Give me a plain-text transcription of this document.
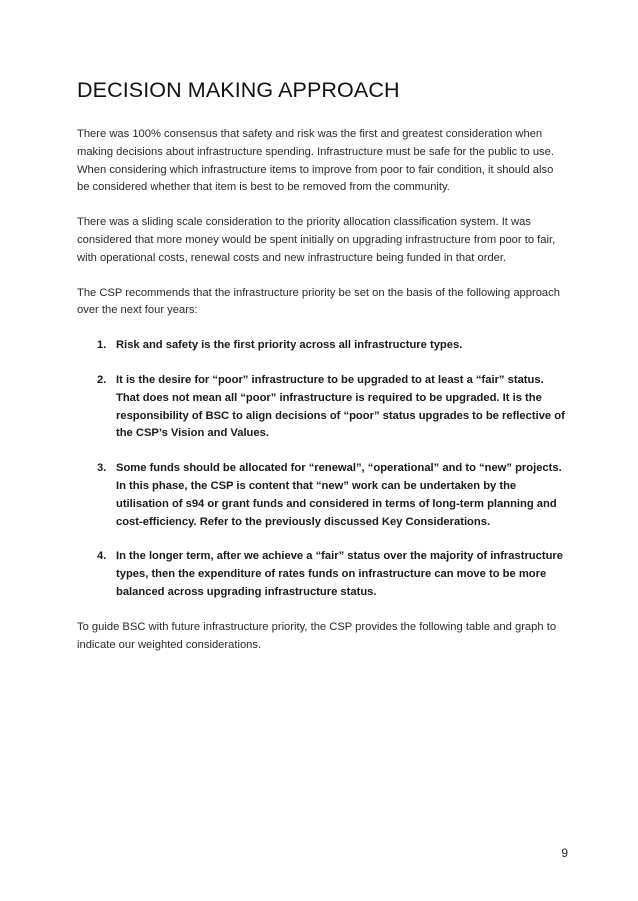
DECISION MAKING APPROACH

There was 100% consensus that safety and risk was the first and greatest consideration when making decisions about infrastructure spending. Infrastructure must be safe for the public to use. When considering which infrastructure items to improve from poor to fair condition, it should also be considered whether that item is best to be removed from the community.

There was a sliding scale consideration to the priority allocation classification system. It was considered that more money would be spent initially on upgrading infrastructure from poor to fair, with operational costs, renewal costs and new infrastructure being funded in that order.

The CSP recommends that the infrastructure priority be set on the basis of the following approach over the next four years:

1. Risk and safety is the first priority across all infrastructure types.
2. It is the desire for “poor” infrastructure to be upgraded to at least a “fair” status. That does not mean all “poor” infrastructure is required to be upgraded. It is the responsibility of BSC to align decisions of “poor” status upgrades to be reflective of the CSP’s Vision and Values.
3. Some funds should be allocated for “renewal”, “operational” and to “new” projects. In this phase, the CSP is content that “new” work can be undertaken by the utilisation of s94 or grant funds and considered in terms of long-term planning and cost-efficiency. Refer to the previously discussed Key Considerations.
4. In the longer term, after we achieve a “fair” status over the majority of infrastructure types, then the expenditure of rates funds on infrastructure can move to be more balanced across upgrading infrastructure status.

To guide BSC with future infrastructure priority, the CSP provides the following table and graph to indicate our weighted considerations.

9
